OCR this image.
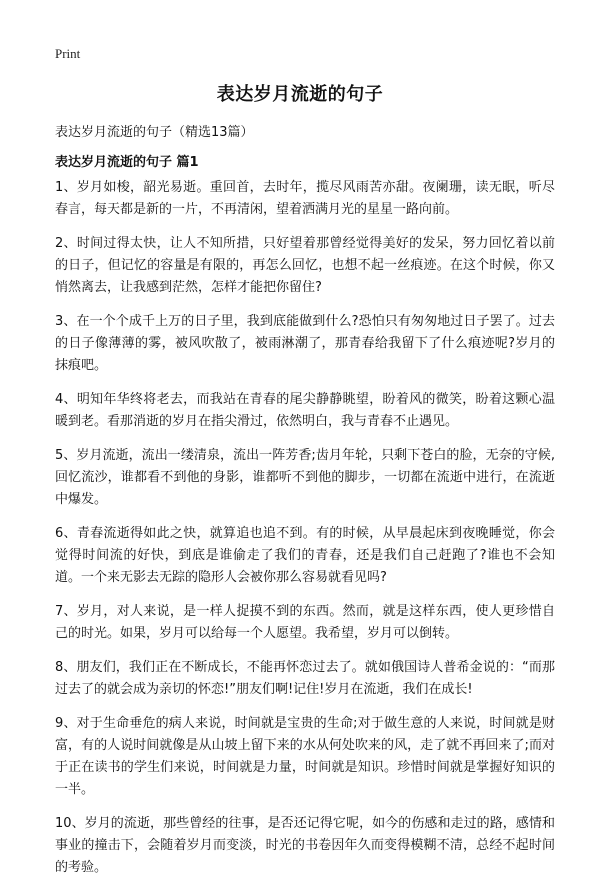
Print
表达岁月流逝的句子
表达岁月流逝的句子（精选13篇）
表达岁月流逝的句子 篇1

1、岁月如梭，韶光易逝。重回首，去时年，揽尽风雨苦亦甜。夜阑珊，读无眠，听尽春言，每天都是新的一片，不再清闲，望着洒满月光的星星一路向前。

2、时间过得太快，让人不知所措，只好望着那曾经觉得美好的发呆，努力回忆着以前的日子，但记忆的容量是有限的，再怎么回忆，也想不起一丝痕迹。在这个时候，你又悄然离去，让我感到茫然，怎样才能把你留住?

3、在一个个成千上万的日子里，我到底能做到什么?恐怕只有匆匆地过日子罢了。过去的日子像薄薄的雾，被风吹散了，被雨淋潮了，那青春给我留下了什么痕迹呢?岁月的抹痕吧。

4、明知年华终将老去，而我站在青春的尾尖静静眺望，盼着风的微笑，盼着这颗心温暖到老。看那消逝的岁月在指尖滑过，依然明白，我与青春不止遇见。

5、岁月流逝，流出一缕清泉，流出一阵芳香;齿月年轮，只剩下苍白的脸，无奈的守候,回忆流沙，谁都看不到他的身影，谁都听不到他的脚步，一切都在流逝中进行，在流逝中爆发。

6、青春流逝得如此之快，就算追也追不到。有的时候，从早晨起床到夜晚睡觉，你会觉得时间流的好快，到底是谁偷走了我们的青春，还是我们自己赶跑了?谁也不会知道。一个来无影去无踪的隐形人会被你那么容易就看见吗?

7、岁月，对人来说，是一样人捉摸不到的东西。然而，就是这样东西，使人更珍惜自己的时光。如果，岁月可以给每一个人愿望。我希望，岁月可以倒转。

8、朋友们，我们正在不断成长，不能再怀恋过去了。就如俄国诗人普希金说的：“而那过去了的就会成为亲切的怀恋!”朋友们啊!记住!岁月在流逝，我们在成长!

9、对于生命垂危的病人来说，时间就是宝贵的生命;对于做生意的人来说，时间就是财富，有的人说时间就像是从山坡上留下来的水从何处吹来的风，走了就不再回来了;而对于正在读书的学生们来说，时间就是力量，时间就是知识。珍惜时间就是掌握好知识的一半。

10、岁月的流逝，那些曾经的往事，是否还记得它呢，如今的伤感和走过的路，感情和事业的撞击下，会随着岁月而变淡，时光的书卷因年久而变得模糊不清，总经不起时间的考验。
